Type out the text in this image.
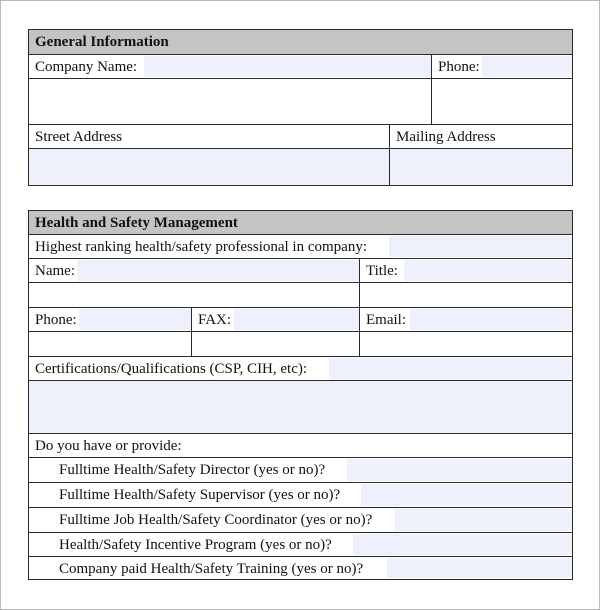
General Information
Company Name:	Phone:
Street Address	Mailing Address
Health and Safety Management
Highest ranking health/safety professional in company:
Name:	Title:
Phone:	FAX:	Email:
Certifications/Qualifications (CSP, CIH, etc):
Do you have or provide:
Fulltime Health/Safety Director (yes or no)?
Fulltime Health/Safety Supervisor (yes or no)?
Fulltime Job Health/Safety Coordinator (yes or no)?
Health/Safety Incentive Program (yes or no)?
Company paid Health/Safety Training (yes or no)?
